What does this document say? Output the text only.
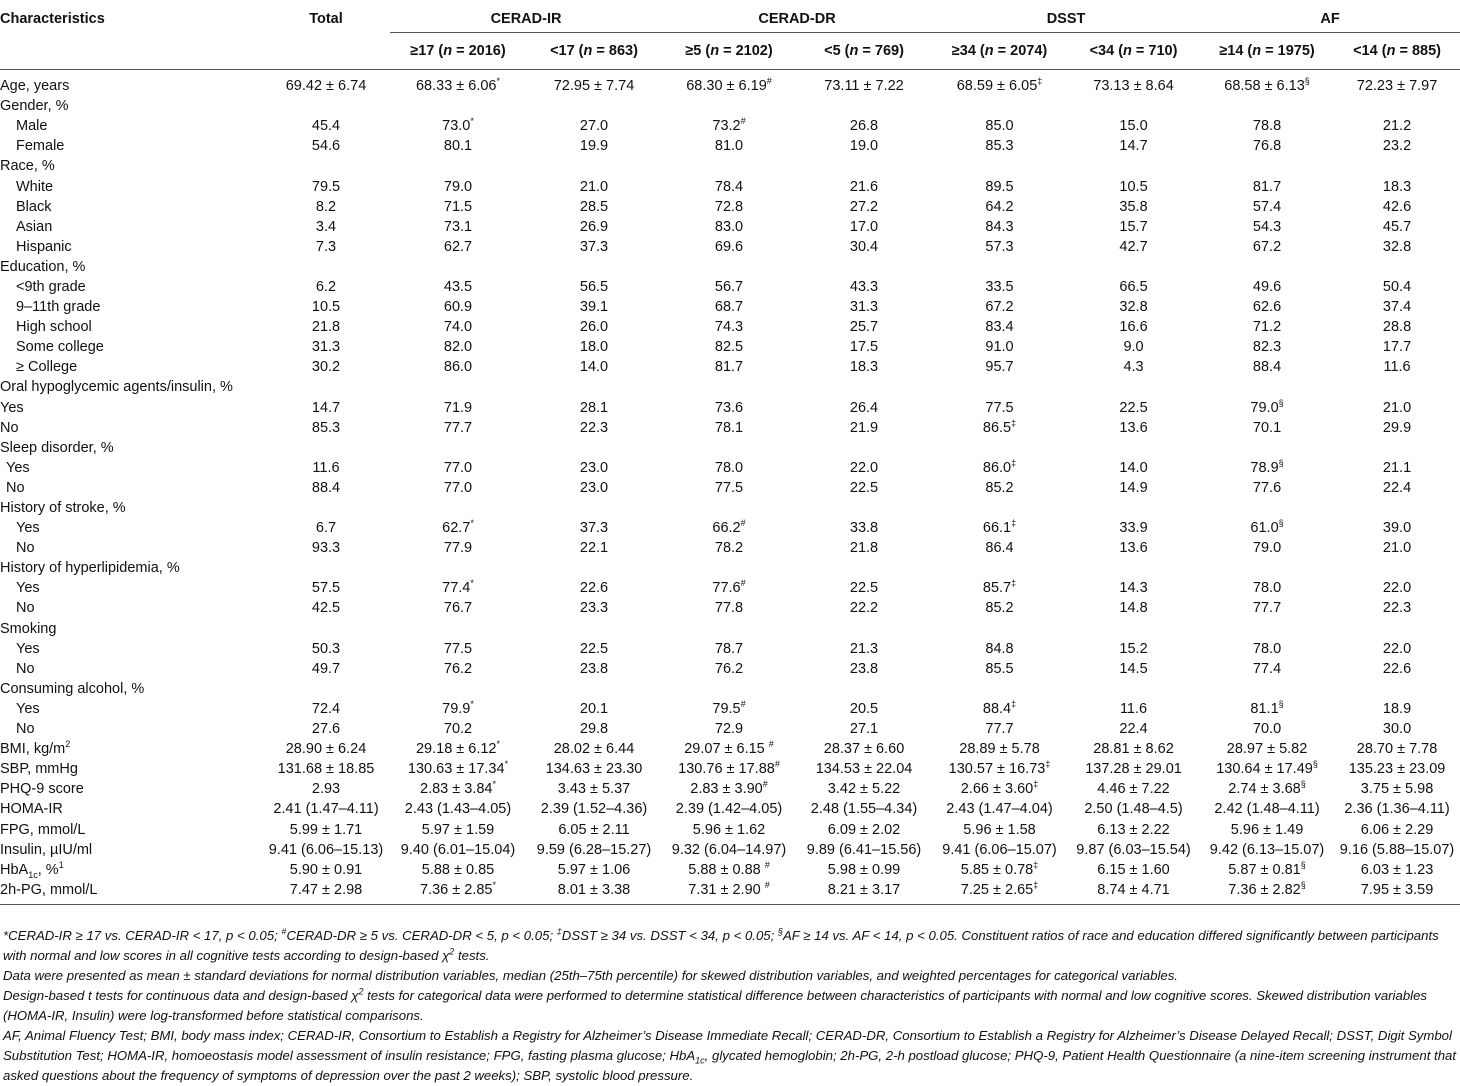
Characteristics	Total	CERAD-IR		CERAD-DR		DSST		AF	

		≥17 (n = 2016)	<17 (n = 863)	≥5 (n = 2102)	<5 (n = 769)	≥34 (n = 2074)	<34 (n = 710)	≥14 (n = 1975)	<14 (n = 885)
Age, years	69.42 ± 6.74	68.33 ± 6.06*	72.95 ± 7.74	68.30 ± 6.19#	73.11 ± 7.22	68.59 ± 6.05‡	73.13 ± 8.64	68.58 ± 6.13§	72.23 ± 7.97
Gender, %									
Male	45.4	73.0*	27.0	73.2#	26.8	85.0	15.0	78.8	21.2
Female	54.6	80.1	19.9	81.0	19.0	85.3	14.7	76.8	23.2
Race, %									
White	79.5	79.0	21.0	78.4	21.6	89.5	10.5	81.7	18.3
Black	8.2	71.5	28.5	72.8	27.2	64.2	35.8	57.4	42.6
Asian	3.4	73.1	26.9	83.0	17.0	84.3	15.7	54.3	45.7
Hispanic	7.3	62.7	37.3	69.6	30.4	57.3	42.7	67.2	32.8
Education, %									
<9th grade	6.2	43.5	56.5	56.7	43.3	33.5	66.5	49.6	50.4
9–11th grade	10.5	60.9	39.1	68.7	31.3	67.2	32.8	62.6	37.4
High school	21.8	74.0	26.0	74.3	25.7	83.4	16.6	71.2	28.8
Some college	31.3	82.0	18.0	82.5	17.5	91.0	9.0	82.3	17.7
≥ College	30.2	86.0	14.0	81.7	18.3	95.7	4.3	88.4	11.6
Oral hypoglycemic agents/insulin, %									
Yes	14.7	71.9	28.1	73.6	26.4	77.5	22.5	79.0§	21.0
No	85.3	77.7	22.3	78.1	21.9	86.5‡	13.6	70.1	29.9
Sleep disorder, %									
Yes	11.6	77.0	23.0	78.0	22.0	86.0‡	14.0	78.9§	21.1
No	88.4	77.0	23.0	77.5	22.5	85.2	14.9	77.6	22.4
History of stroke, %									
Yes	6.7	62.7*	37.3	66.2#	33.8	66.1‡	33.9	61.0§	39.0
No	93.3	77.9	22.1	78.2	21.8	86.4	13.6	79.0	21.0
History of hyperlipidemia, %									
Yes	57.5	77.4*	22.6	77.6#	22.5	85.7‡	14.3	78.0	22.0
No	42.5	76.7	23.3	77.8	22.2	85.2	14.8	77.7	22.3
Smoking									
Yes	50.3	77.5	22.5	78.7	21.3	84.8	15.2	78.0	22.0
No	49.7	76.2	23.8	76.2	23.8	85.5	14.5	77.4	22.6
Consuming alcohol, %									
Yes	72.4	79.9*	20.1	79.5#	20.5	88.4‡	11.6	81.1§	18.9
No	27.6	70.2	29.8	72.9	27.1	77.7	22.4	70.0	30.0
BMI, $kg/m^2$	28.90 ± 6.24	29.18 ± 6.12*	28.02 ± 6.44	29.07 ± 6.15 #	28.37 ± 6.60	28.89 ± 5.78	28.81 ± 8.62	28.97 ± 5.82	28.70 ± 7.78
SBP, mmHg	131.68 ± 18.85	130.63 ± 17.34*	134.63 ± 23.30	130.76 ± 17.88#	134.53 ± 22.04	130.57 ± 16.73‡	137.28 ± 29.01	130.64 ± 17.49§	135.23 ± 23.09
PHQ-9 score	2.93	2.83 ± 3.84*	3.43 ± 5.37	2.83 ± 3.90#	3.42 ± 5.22	2.66 ± 3.60‡	4.46 ± 7.22	2.74 ± 3.68§	3.75 ± 5.98
HOMA-IR	2.41 (1.47–4.11)	2.43 (1.43–4.05)	2.39 (1.52–4.36)	2.39 (1.42–4.05)	2.48 (1.55–4.34)	2.43 (1.47–4.04)	2.50 (1.48–4.5)	2.42 (1.48–4.11)	2.36 (1.36–4.11)
FPG, mmol/L	5.99 ± 1.71	5.97 ± 1.59	6.05 ± 2.11	5.96 ± 1.62	6.09 ± 2.02	5.96 ± 1.58	6.13 ± 2.22	5.96 ± 1.49	6.06 ± 2.29
Insulin, µIU/ml	9.41 (6.06–15.13)	9.40 (6.01–15.04)	9.59 (6.28–15.27)	9.32 (6.04–14.97)	9.89 (6.41–15.56)	9.41 (6.06–15.07)	9.87 (6.03–15.54)	9.42 (6.13–15.07)	9.16 (5.88–15.07)
HbA$_{1c}$, %$^1$	5.90 ± 0.91	5.88 ± 0.85	5.97 ± 1.06	5.88 ± 0.88 #	5.98 ± 0.99	5.85 ± 0.78‡	6.15 ± 1.60	5.87 ± 0.81§	6.03 ± 1.23
2h-PG, mmol/L	7.47 ± 2.98	7.36 ± 2.85*	8.01 ± 3.38	7.31 ± 2.90 #	8.21 ± 3.17	7.25 ± 2.65‡	8.74 ± 4.71	7.36 ± 2.82§	7.95 ± 3.59

*CERAD-IR ≥ 17 vs. CERAD-IR < 17, p < 0.05; #CERAD-DR ≥ 5 vs. CERAD-DR < 5, p < 0.05; ‡DSST ≥ 34 vs. DSST < 34, p < 0.05; §AF ≥ 14 vs. AF < 14, p < 0.05. Constituent ratios of race and education differed significantly between participants with normal and low scores in all cognitive tests according to design-based $\chi^2$ tests.

Data were presented as mean ± standard deviations for normal distribution variables, median (25th–75th percentile) for skewed distribution variables, and weighted percentages for categorical variables.

Design-based t tests for continuous data and design-based $\chi^2$ tests for categorical data were performed to determine statistical difference between characteristics of participants with normal and low cognitive scores. Skewed distribution variables (HOMA-IR, Insulin) were log-transformed before statistical comparisons.

AF, Animal Fluency Test; BMI, body mass index; CERAD-IR, Consortium to Establish a Registry for Alzheimer’s Disease Immediate Recall; CERAD-DR, Consortium to Establish a Registry for Alzheimer’s Disease Delayed Recall; DSST, Digit Symbol Substitution Test; HOMA-IR, homoeostasis model assessment of insulin resistance; FPG, fasting plasma glucose; HbA$_{1c}$, glycated hemoglobin; 2h-PG, 2-h postload glucose; PHQ-9, Patient Health Questionnaire (a nine-item screening instrument that asked questions about the frequency of symptoms of depression over the past 2 weeks); SBP, systolic blood pressure.
